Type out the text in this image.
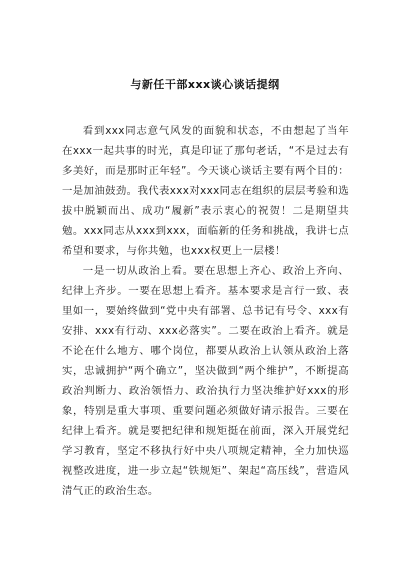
与新任干部xxx谈心谈话提纲

看到xxx同志意气风发的面貌和状态，不由想起了当年在xxx一起共事的时光，真是印证了那句老话，“不是过去有多美好，而是那时正年轻”。今天谈心谈话主要有两个目的：一是加油鼓劲。我代表xxx对xxx同志在组织的层层考验和选拔中脱颖而出、成功“履新”表示衷心的祝贺！二是期望共勉。xxx同志从xxx到xxx，面临新的任务和挑战，我讲七点希望和要求，与你共勉，也xxx权更上一层楼！

一是一切从政治上看。要在思想上齐心、政治上齐向、纪律上齐步。一要在思想上看齐。基本要求是言行一致、表里如一，要始终做到“党中央有部署、总书记有号令、xxx有安排、xxx有行动、xxx必落实”。二要在政治上看齐。就是不论在什么地方、哪个岗位，都要从政治上认领从政治上落实，忠诚拥护“两个确立”，坚决做到“两个维护”，不断提高政治判断力、政治领悟力、政治执行力坚决维护好xxx的形象，特别是重大事项、重要问题必须做好请示报告。三要在纪律上看齐。就是要把纪律和规矩挺在前面，深入开展党纪学习教育，坚定不移执行好中央八项规定精神，全力加快巡视整改进度，进一步立起“铁规矩”、架起“高压线”，营造风清气正的政治生态。
